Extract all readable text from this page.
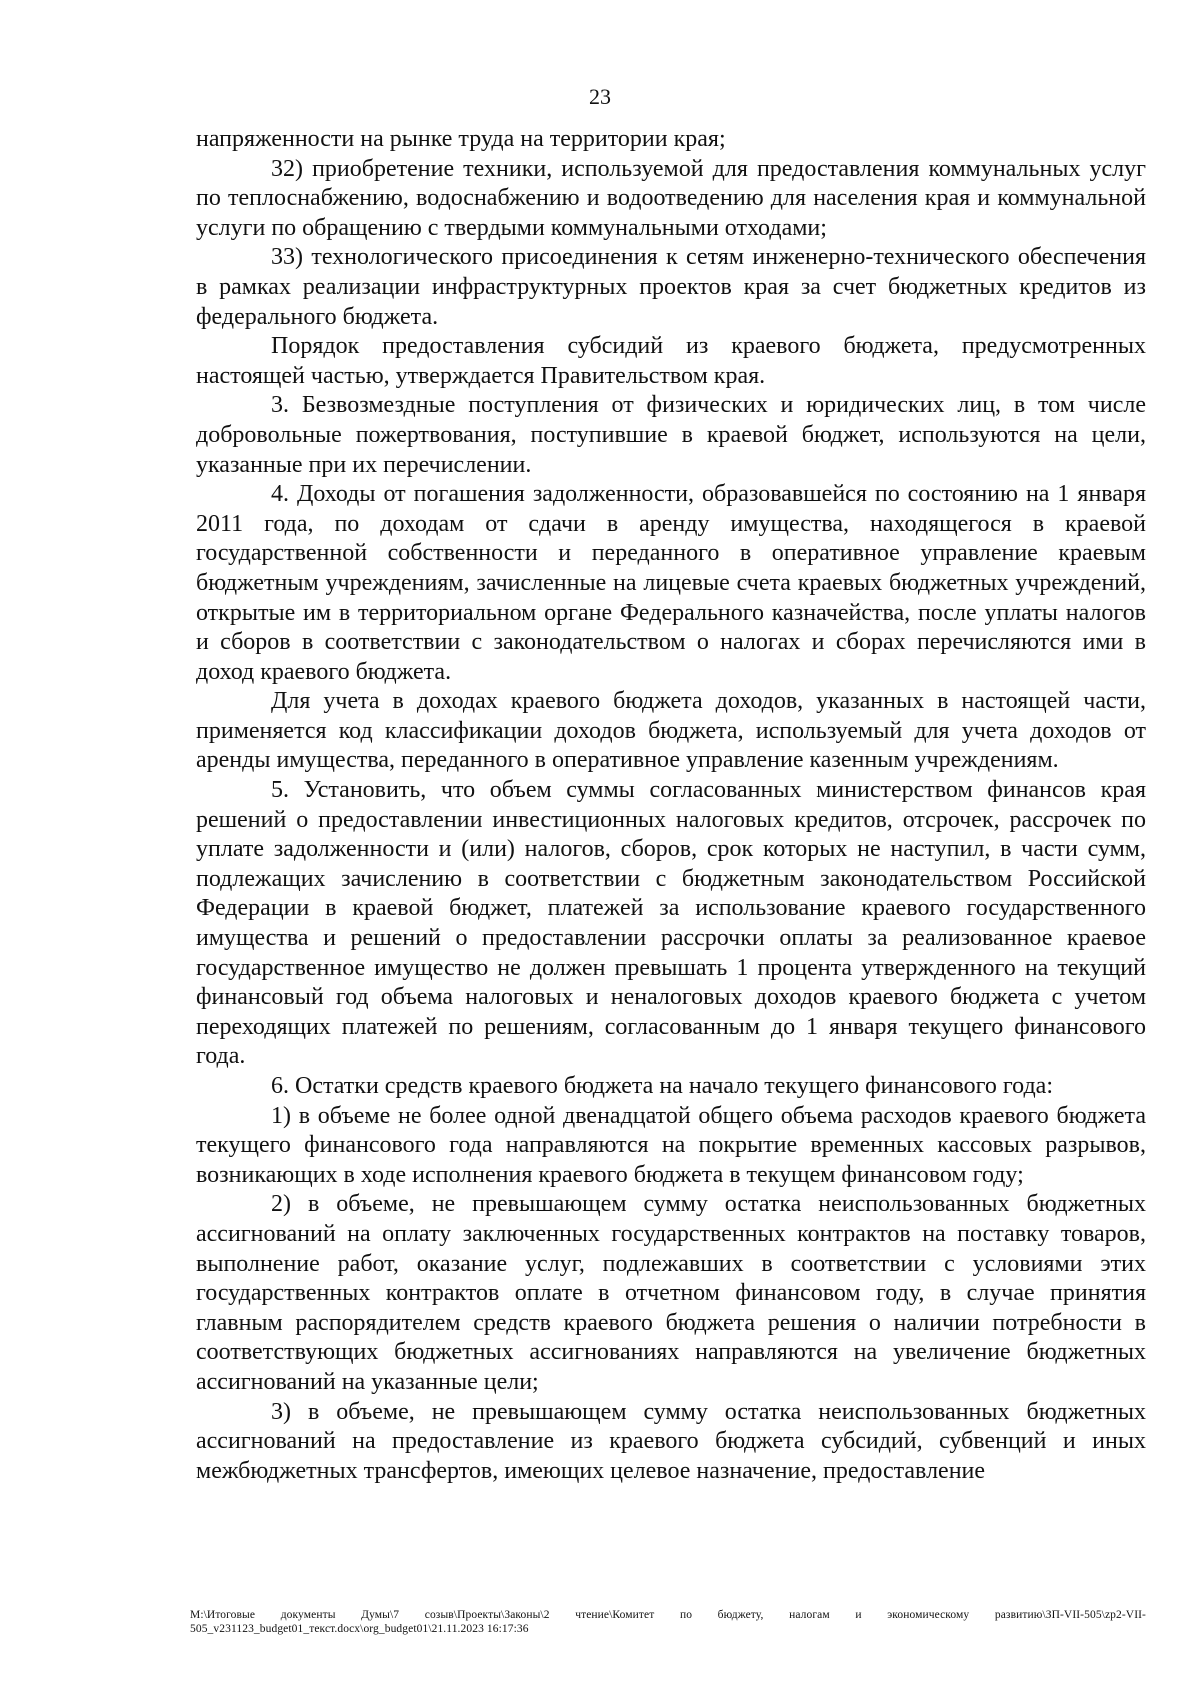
23

напряженности на рынке труда на территории края;

32) приобретение техники, используемой для предоставления коммунальных услуг по теплоснабжению, водоснабжению и водоотведению для населения края и коммунальной услуги по обращению с твердыми коммунальными отходами;

33) технологического присоединения к сетям инженерно-технического обеспечения в рамках реализации инфраструктурных проектов края за счет бюджетных кредитов из федерального бюджета.

Порядок предоставления субсидий из краевого бюджета, предусмотренных настоящей частью, утверждается Правительством края.

3. Безвозмездные поступления от физических и юридических лиц, в том числе добровольные пожертвования, поступившие в краевой бюджет, используются на цели, указанные при их перечислении.

4. Доходы от погашения задолженности, образовавшейся по состоянию на 1 января 2011 года, по доходам от сдачи в аренду имущества, находящегося в краевой государственной собственности и переданного в оперативное управление краевым бюджетным учреждениям, зачисленные на лицевые счета краевых бюджетных учреждений, открытые им в территориальном органе Федерального казначейства, после уплаты налогов и сборов в соответствии с законодательством о налогах и сборах перечисляются ими в доход краевого бюджета.

Для учета в доходах краевого бюджета доходов, указанных в настоящей части, применяется код классификации доходов бюджета, используемый для учета доходов от аренды имущества, переданного в оперативное управление казенным учреждениям.

5. Установить, что объем суммы согласованных министерством финансов края решений о предоставлении инвестиционных налоговых кредитов, отсрочек, рассрочек по уплате задолженности и (или) налогов, сборов, срок которых не наступил, в части сумм, подлежащих зачислению в соответствии с бюджетным законодательством Российской Федерации в краевой бюджет, платежей за использование краевого государственного имущества и решений о предоставлении рассрочки оплаты за реализованное краевое государственное имущество не должен превышать 1 процента утвержденного на текущий финансовый год объема налоговых и неналоговых доходов краевого бюджета с учетом переходящих платежей по решениям, согласованным до 1 января текущего финансового года.

6. Остатки средств краевого бюджета на начало текущего финансового года:

1) в объеме не более одной двенадцатой общего объема расходов краевого бюджета текущего финансового года направляются на покрытие временных кассовых разрывов, возникающих в ходе исполнения краевого бюджета в текущем финансовом году;

2) в объеме, не превышающем сумму остатка неиспользованных бюджетных ассигнований на оплату заключенных государственных контрактов на поставку товаров, выполнение работ, оказание услуг, подлежавших в соответствии с условиями этих государственных контрактов оплате в отчетном финансовом году, в случае принятия главным распорядителем средств краевого бюджета решения о наличии потребности в соответствующих бюджетных ассигнованиях направляются на увеличение бюджетных ассигнований на указанные цели;

3) в объеме, не превышающем сумму остатка неиспользованных бюджетных ассигнований на предоставление из краевого бюджета субсидий, субвенций и иных межбюджетных трансфертов, имеющих целевое назначение, предоставление

M:\Итоговые документы Думы\7 созыв\Проекты\Законы\2 чтение\Комитет по бюджету, налогам и экономическому развитию\ЗП-VII-505\zp2-VII-505_v231123_budget01_текст.docx\org_budget01\21.11.2023 16:17:36
